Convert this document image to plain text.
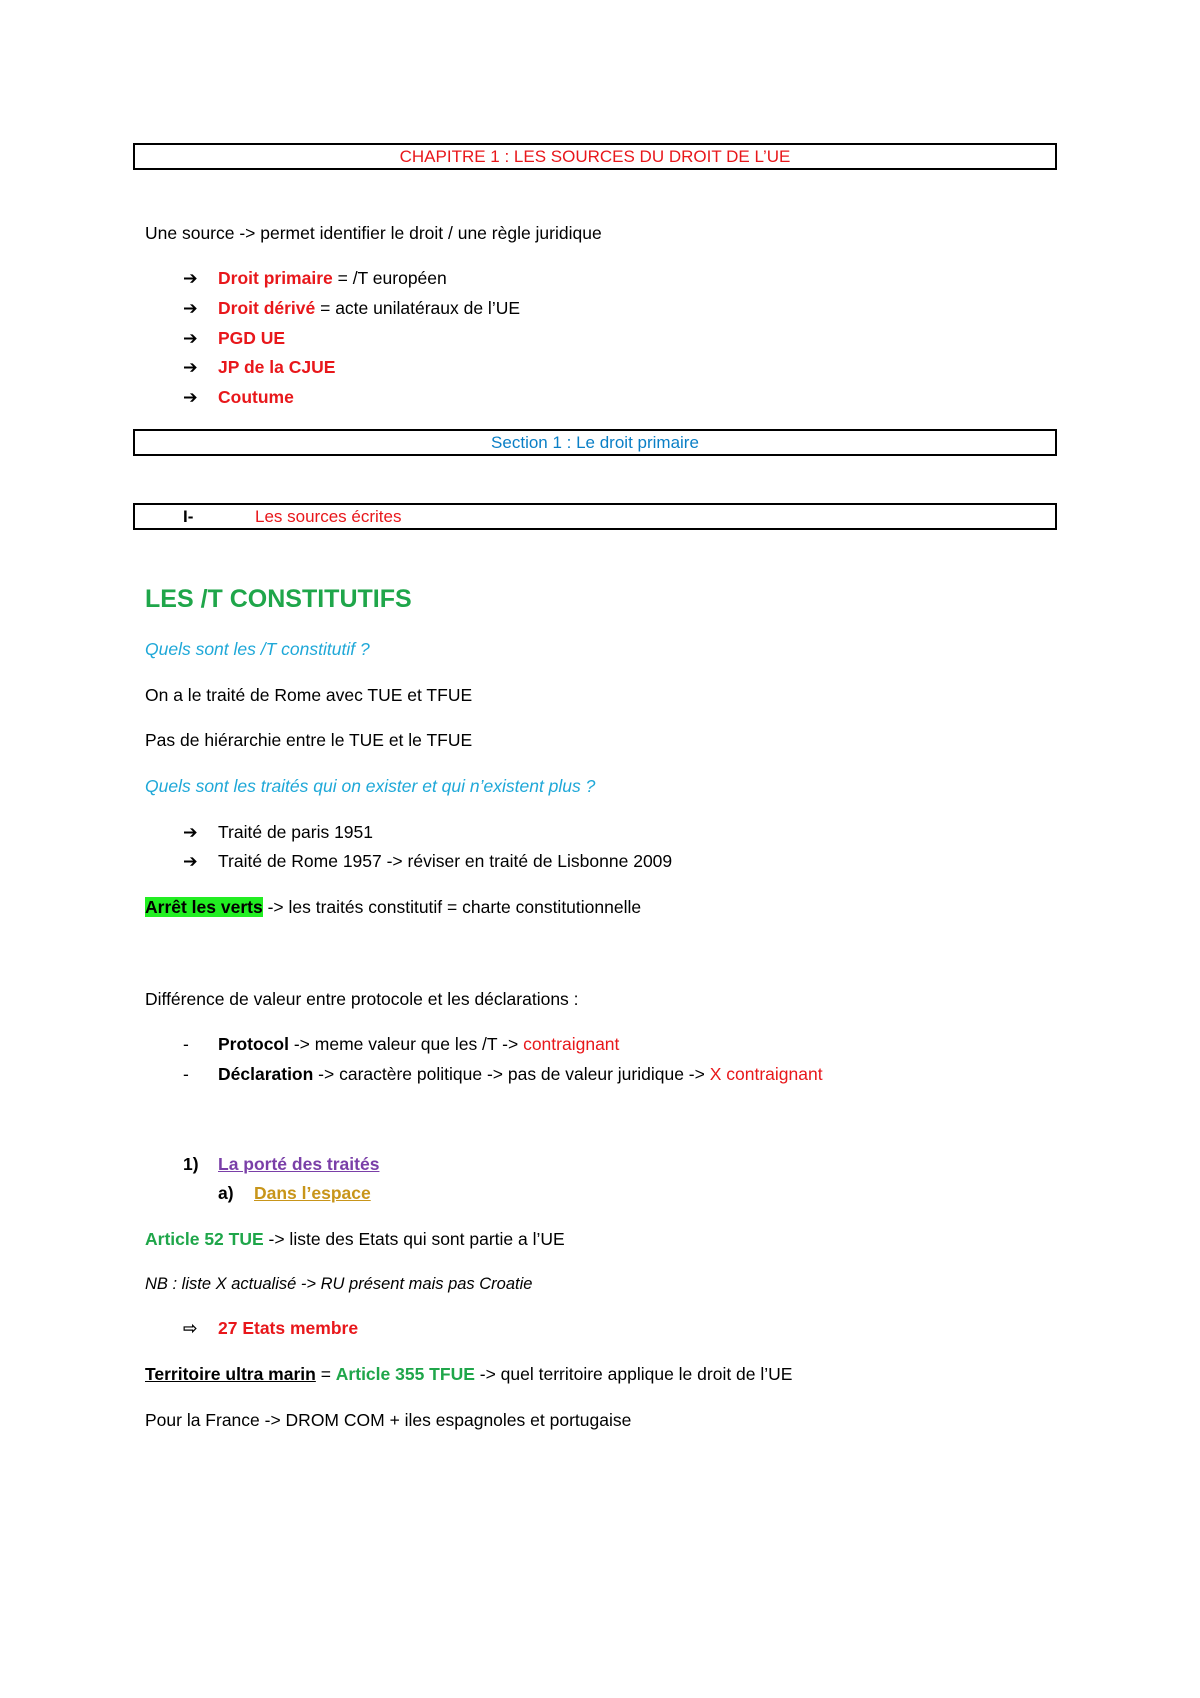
CHAPITRE 1 : LES SOURCES DU DROIT DE L’UE
Une source -> permet identifier le droit / une règle juridique
➔ Droit primaire = /T européen
➔ Droit dérivé = acte unilatéraux de l’UE
➔ PGD UE
➔ JP de la CJUE
➔ Coutume
Section 1 : Le droit primaire
I-	Les sources écrites
LES /T CONSTITUTIFS
Quels sont les /T constitutif ?
On a le traité de Rome avec TUE et TFUE
Pas de hiérarchie entre le TUE et le TFUE
Quels sont les traités qui on exister et qui n’existent plus ?
➔ Traité de paris 1951
➔ Traité de Rome 1957 -> réviser en traité de Lisbonne 2009
Arrêt les verts -> les traités constitutif = charte constitutionnelle
Différence de valeur entre protocole et les déclarations :
- Protocol -> meme valeur que les /T -> contraignant
- Déclaration -> caractère politique -> pas de valeur juridique -> X contraignant
1) La porté des traités
a) Dans l’espace
Article 52 TUE -> liste des Etats qui sont partie a l’UE
NB : liste X actualisé -> RU présent mais pas Croatie
⇨ 27 Etats membre
Territoire ultra marin = Article 355 TFUE -> quel territoire applique le droit de l’UE
Pour la France -> DROM COM + iles espagnoles et portugaise
